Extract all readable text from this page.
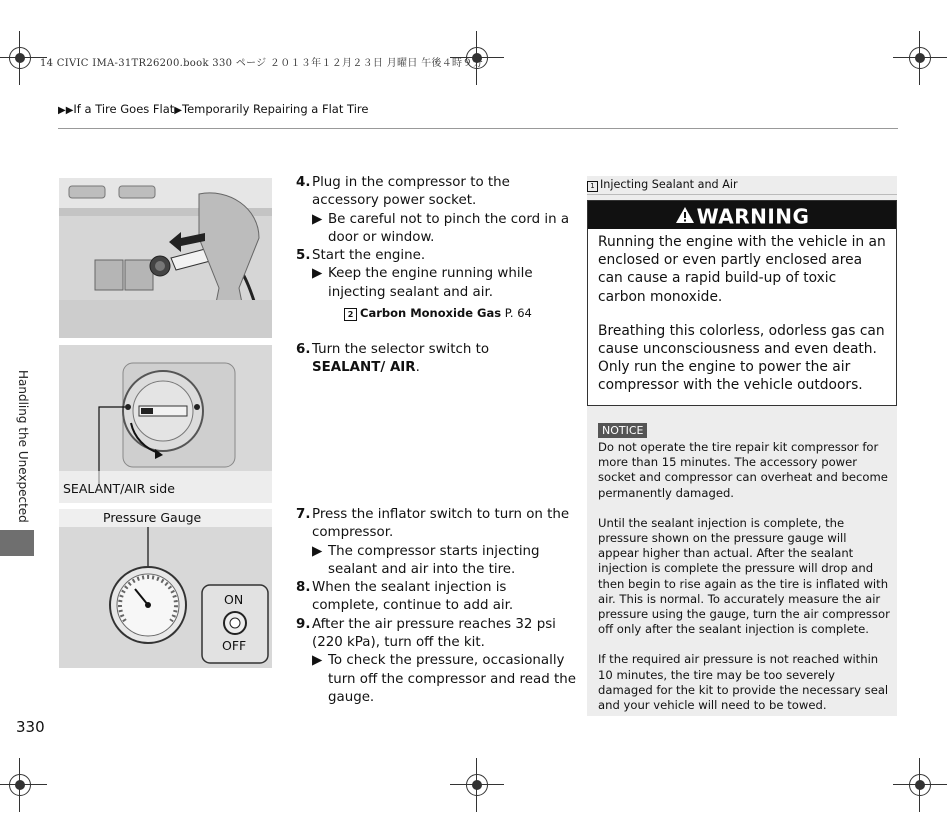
14 CIVIC IMA-31TR26200.book 330 ページ ２０１３年１２月２３日 月曜日 午後４時９分
▶▶If a Tire Goes Flat▶Temporarily Repairing a Flat Tire
Handling the Unexpected
330
SEALANT/AIR side
Pressure Gauge
ON
OFF
4. Plug in the compressor to the accessory power socket.
▶ Be careful not to pinch the cord in a door or window.
5. Start the engine.
▶ Keep the engine running while injecting sealant and air.
2 Carbon Monoxide Gas P. 64
6. Turn the selector switch to SEALANT/ AIR.
7. Press the inflator switch to turn on the compressor.
▶ The compressor starts injecting sealant and air into the tire.
8. When the sealant injection is complete, continue to add air.
9. After the air pressure reaches 32 psi (220 kPa), turn off the kit.
▶ To check the pressure, occasionally turn off the compressor and read the gauge.
1 Injecting Sealant and Air
WARNING

Running the engine with the vehicle in an enclosed or even partly enclosed area can cause a rapid build-up of toxic carbon monoxide.

Breathing this colorless, odorless gas can cause unconsciousness and even death. Only run the engine to power the air compressor with the vehicle outdoors.

NOTICE

Do not operate the tire repair kit compressor for more than 15 minutes. The accessory power socket and compressor can overheat and become permanently damaged.

Until the sealant injection is complete, the pressure shown on the pressure gauge will appear higher than actual. After the sealant injection is complete the pressure will drop and then begin to rise again as the tire is inflated with air. This is normal. To accurately measure the air pressure using the gauge, turn the air compressor off only after the sealant injection is complete.

If the required air pressure is not reached within 10 minutes, the tire may be too severely damaged for the kit to provide the necessary seal and your vehicle will need to be towed.
